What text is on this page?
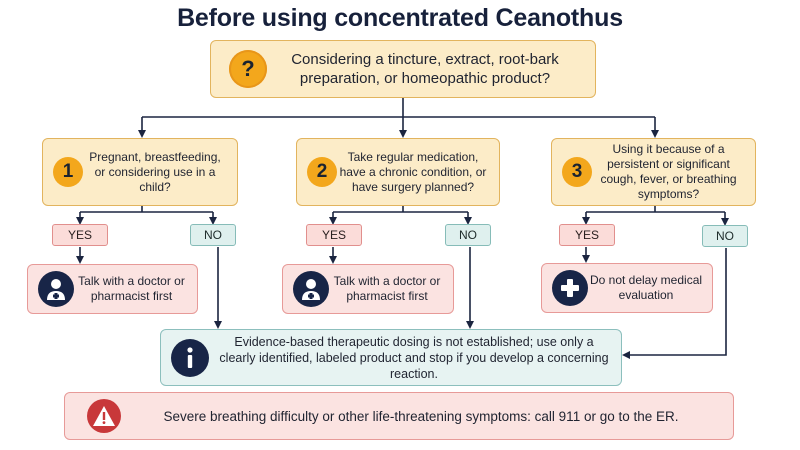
Before using concentrated Ceanothus
?	Considering a tincture, extract, root-bark preparation, or homeopathic product?
1
Pregnant, breastfeeding, or considering use in a child?
2
Take regular medication, have a chronic condition, or have surgery planned?
3
Using it because of a persistent or significant cough, fever, or breathing symptoms?
YES	NO	YES	NO	YES	NO
Talk with a doctor or pharmacist first
Talk with a doctor or pharmacist first
Do not delay medical evaluation
Evidence-based therapeutic dosing is not established; use only a clearly identified, labeled product and stop if you develop a concerning reaction.
Severe breathing difficulty or other life-threatening symptoms: call 911 or go to the ER.
